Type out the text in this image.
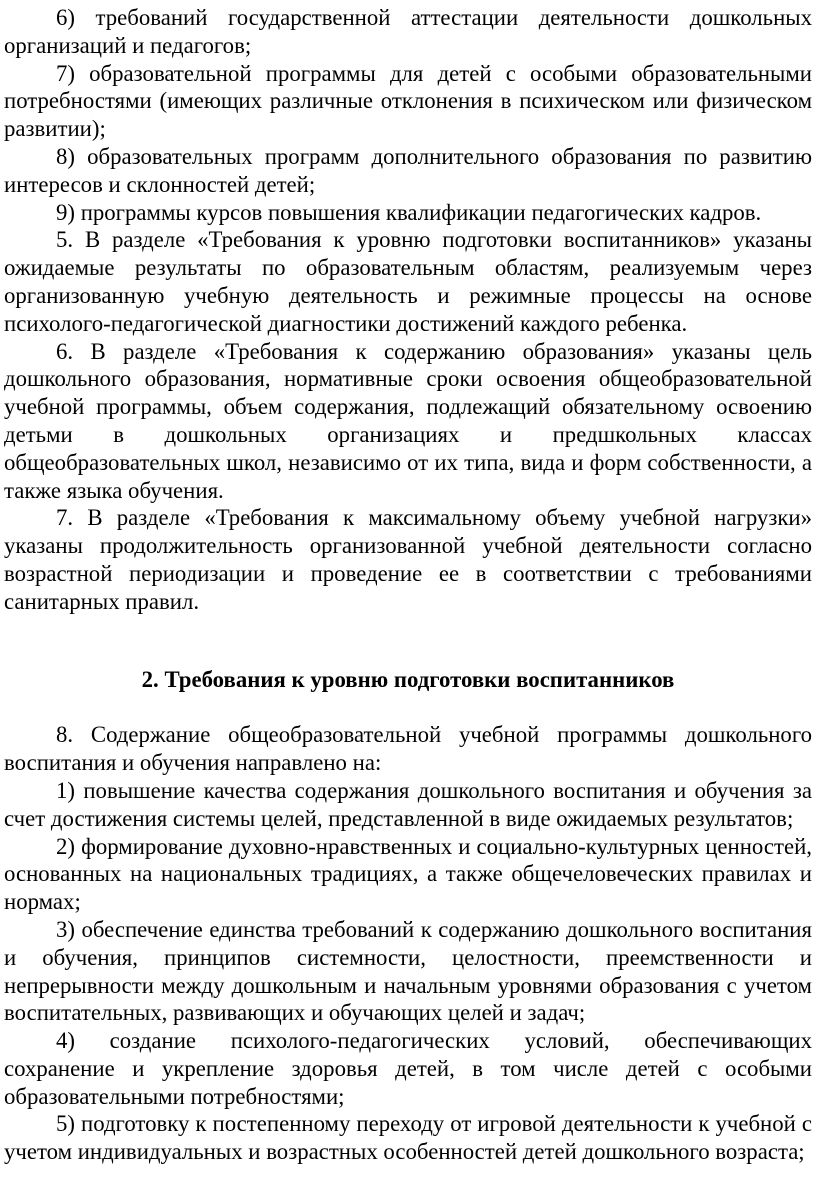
6) требований государственной аттестации деятельности дошкольных организаций и педагогов;

7) образовательной программы для детей с особыми образовательными потребностями (имеющих различные отклонения в психическом или физическом развитии);

8) образовательных программ дополнительного образования по развитию интересов и склонностей детей;

9) программы курсов повышения квалификации педагогических кадров.

5. В разделе «Требования к уровню подготовки воспитанников» указаны ожидаемые результаты по образовательным областям, реализуемым через организованную учебную деятельность и режимные процессы на основе психолого-педагогической диагностики достижений каждого ребенка.

6. В разделе «Требования к содержанию образования» указаны цель дошкольного образования, нормативные сроки освоения общеобразовательной учебной программы, объем содержания, подлежащий обязательному освоению детьми в дошкольных организациях и предшкольных классах общеобразовательных школ, независимо от их типа, вида и форм собственности, а также языка обучения.

7. В разделе «Требования к максимальному объему учебной нагрузки» указаны продолжительность организованной учебной деятельности согласно возрастной периодизации и проведение ее в соответствии с требованиями санитарных правил.

2. Требования к уровню подготовки воспитанников

8. Содержание общеобразовательной учебной программы дошкольного воспитания и обучения направлено на:

1) повышение качества содержания дошкольного воспитания и обучения за счет достижения системы целей, представленной в виде ожидаемых результатов;

2) формирование духовно-нравственных и социально-культурных ценностей, основанных на национальных традициях, а также общечеловеческих правилах и нормах;

3) обеспечение единства требований к содержанию дошкольного воспитания и обучения, принципов системности, целостности, преемственности и непрерывности между дошкольным и начальным уровнями образования с учетом воспитательных, развивающих и обучающих целей и задач;

4) создание психолого-педагогических условий, обеспечивающих сохранение и укрепление здоровья детей, в том числе детей с особыми образовательными потребностями;

5) подготовку к постепенному переходу от игровой деятельности к учебной с учетом индивидуальных и возрастных особенностей детей дошкольного возраста;
